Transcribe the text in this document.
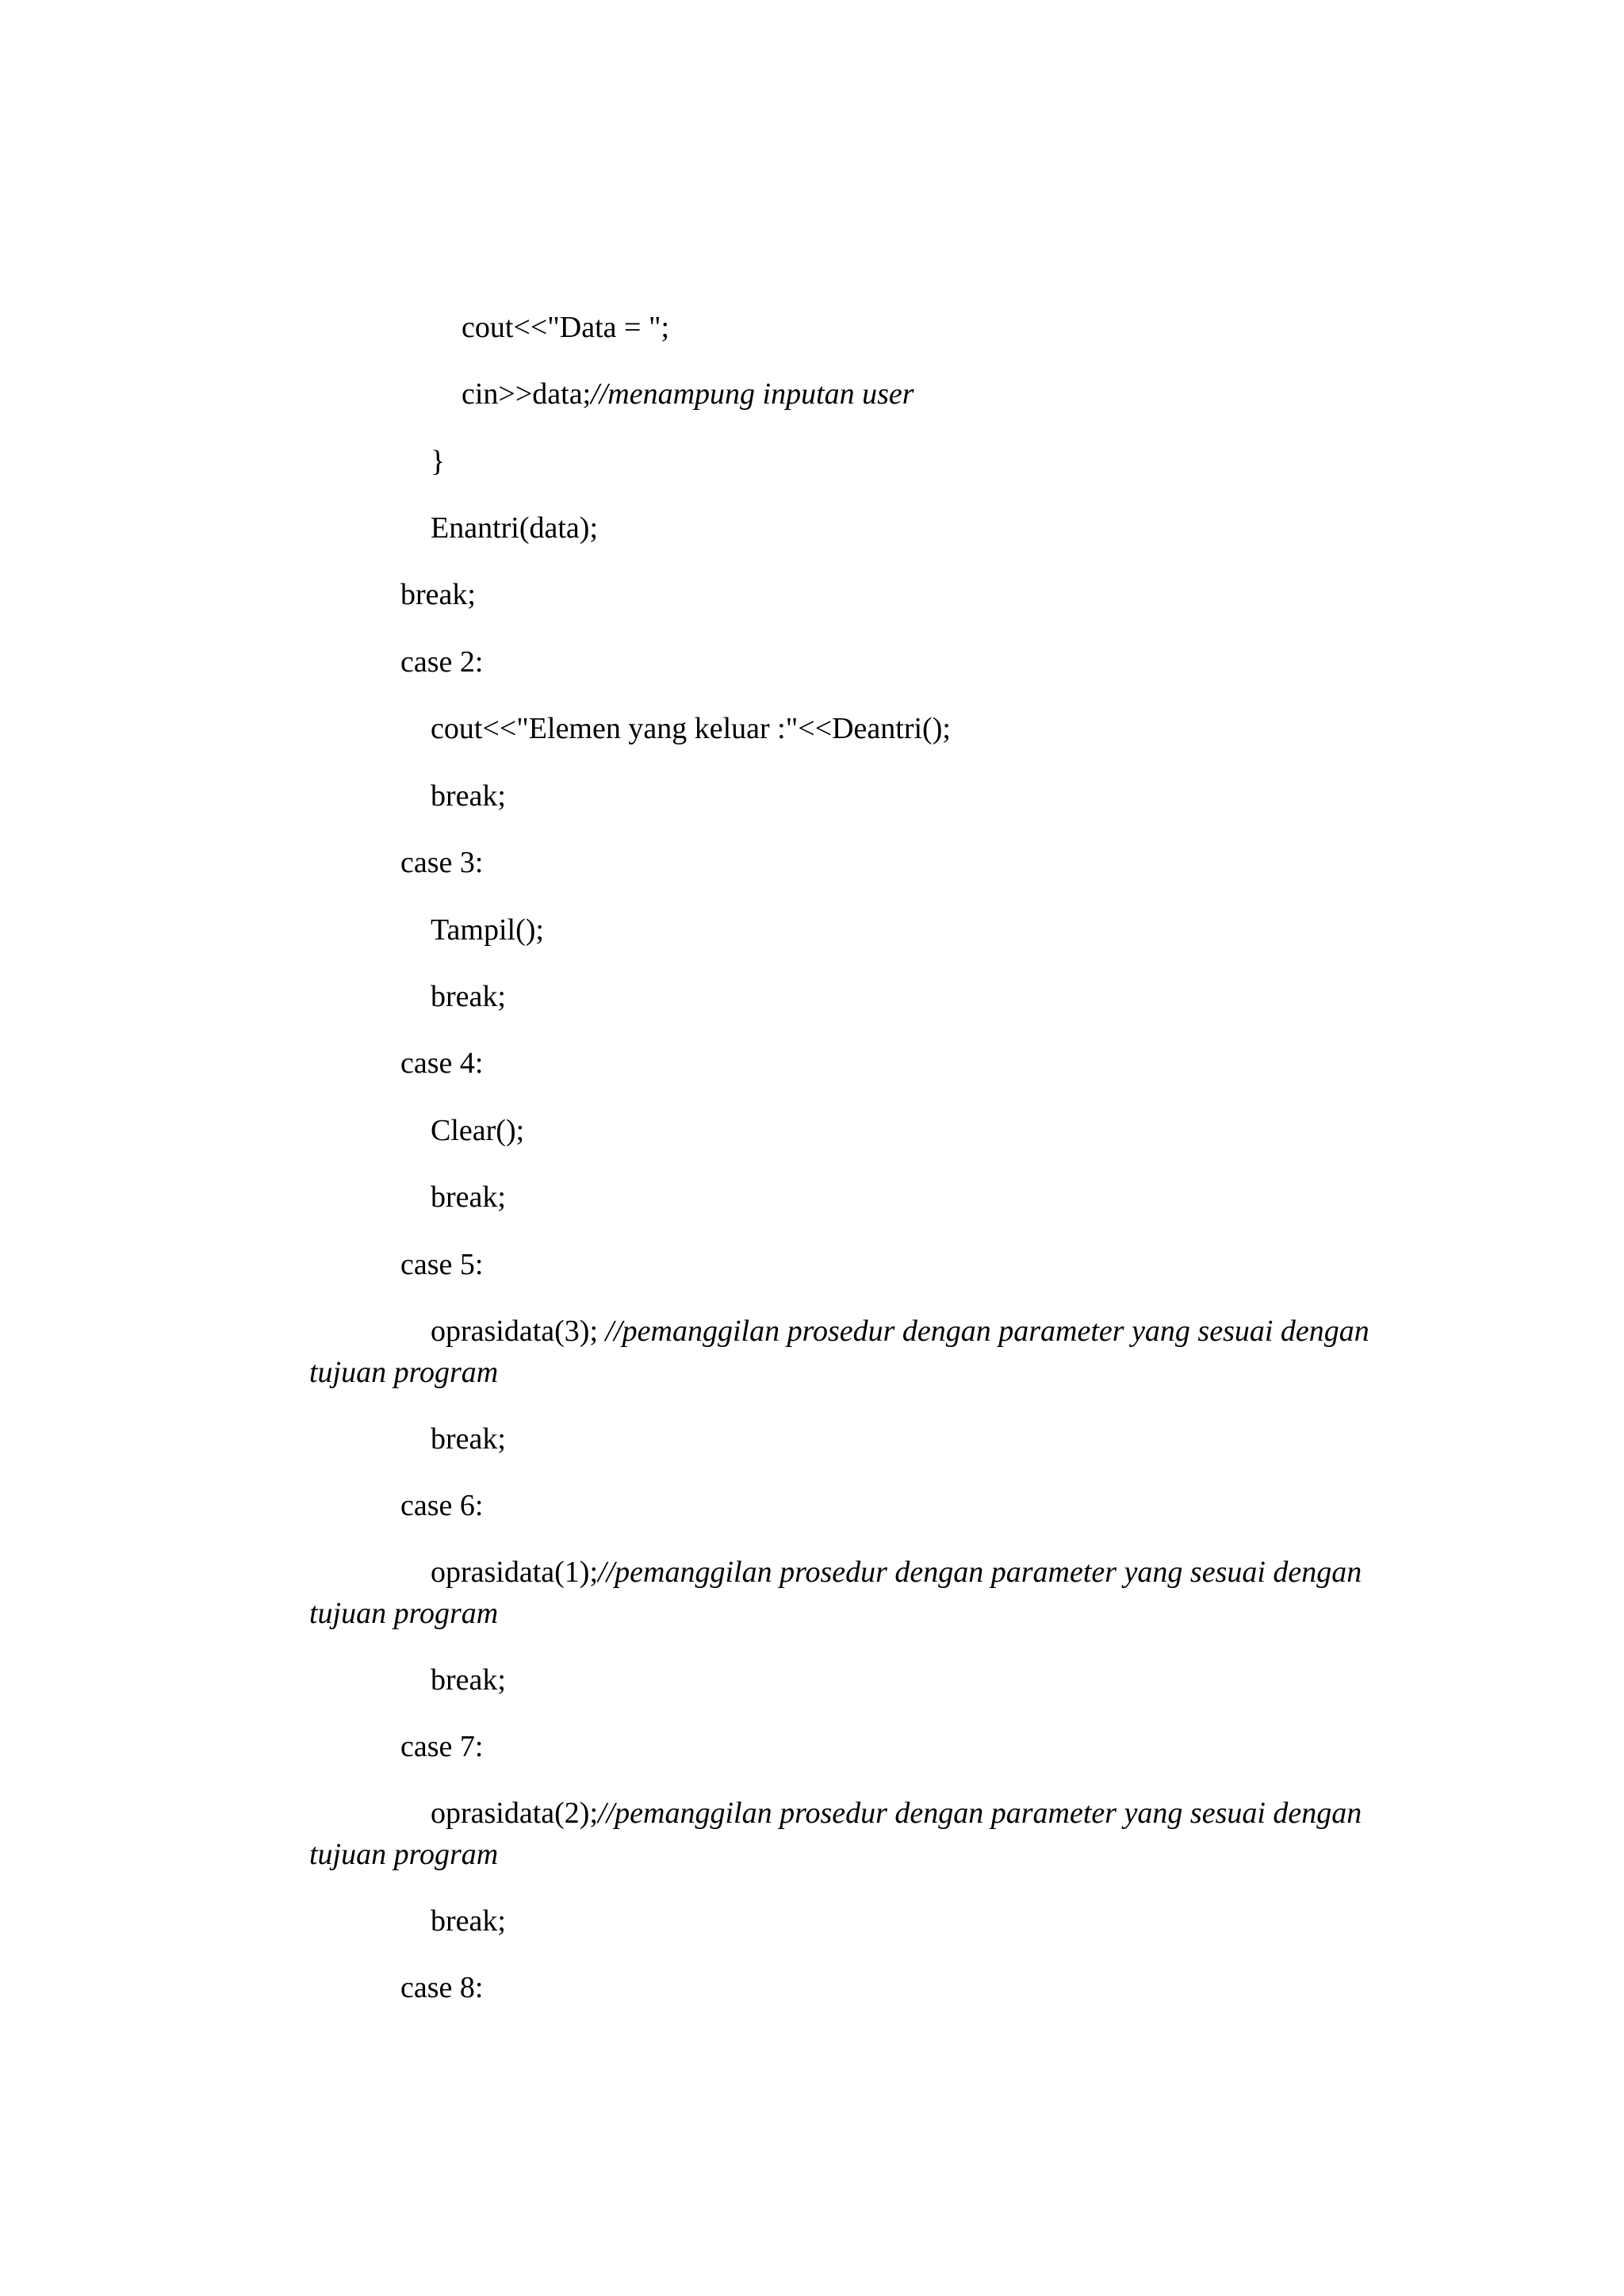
cout<<"Data = ";
cin>>data;//menampung inputan user
}
Enantri(data);
break;
case 2:
cout<<"Elemen yang keluar :"<<Deantri();
break;
case 3:
Tampil();
break;
case 4:
Clear();
break;
case 5:
oprasidata(3); //pemanggilan prosedur dengan parameter yang sesuai dengan
tujuan program
break;
case 6:
oprasidata(1);//pemanggilan prosedur dengan parameter yang sesuai dengan
tujuan program
break;
case 7:
oprasidata(2);//pemanggilan prosedur dengan parameter yang sesuai dengan
tujuan program
break;
case 8:
